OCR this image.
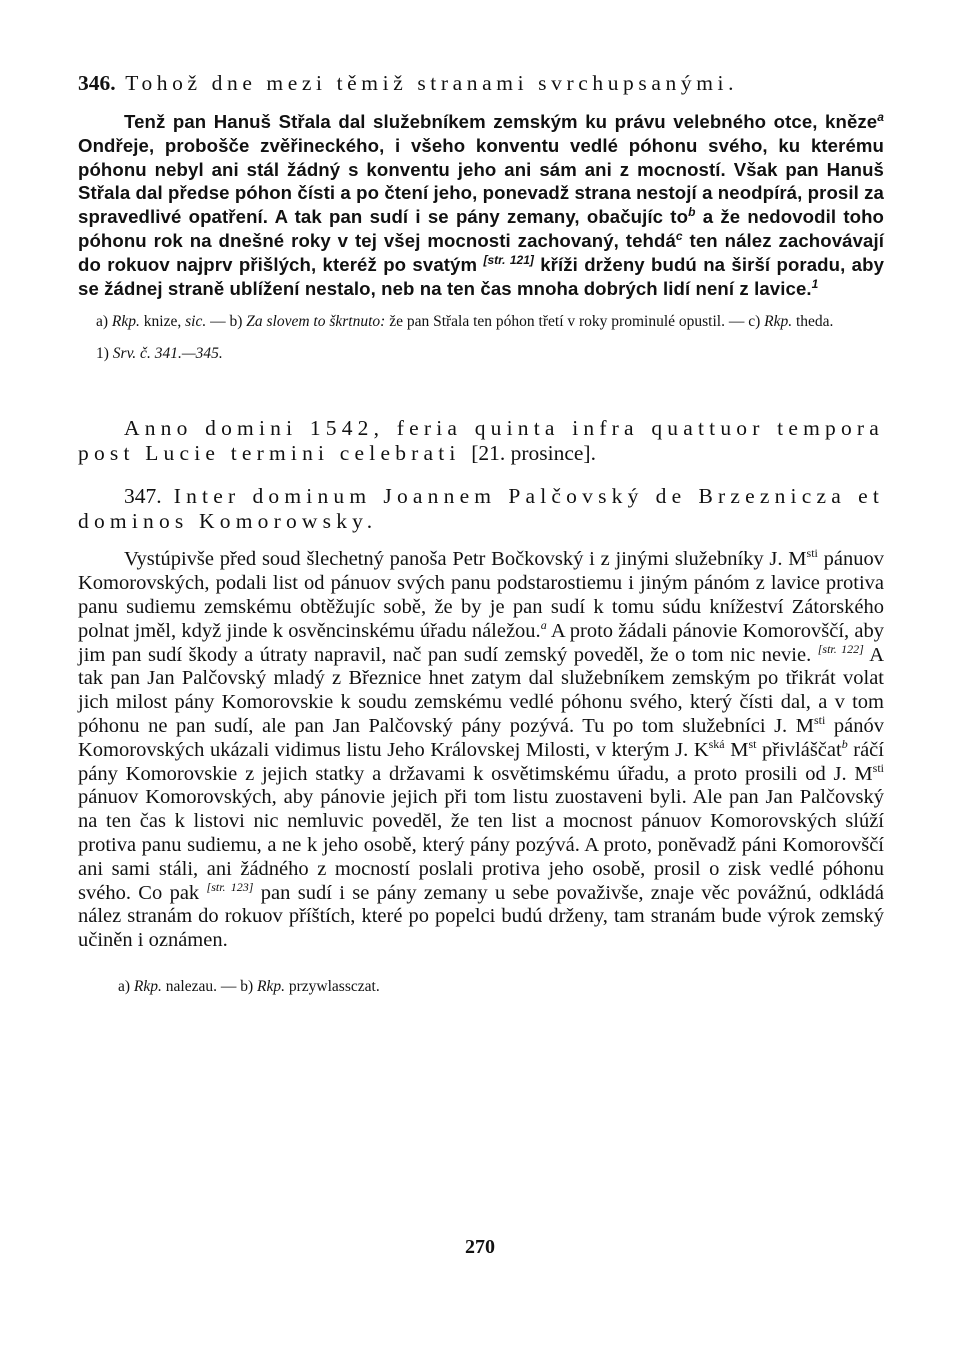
346. Tohož dne mezi těmiž stranami svrchupsanými.

Tenž pan Hanuš Střala dal služebníkem zemským ku právu velebného otce, kněze$^a$ Ondřeje, probošče zvěřineckého, i všeho konventu vedlé póhonu svého, ku kterému póhonu nebyl ani stál žádný s konventu jeho ani sám ani z mocností. Však pan Hanuš Střala dal předse póhon čísti a po čtení jeho, ponevadž strana nestojí a neodpírá, prosil za spravedlivé opatření. A tak pan sudí i se pány zemany, obačujíc $to^b$ a že nedovodil toho póhonu rok na dnešné roky v tej všej mocnosti zachovaný, tehdá$^c$ ten nález zachovávají do rokuov najprv přišlých, kteréž po svatým [str. 121] kříži drženy budú na širší poradu, aby se žádnej straně ublížení nestalo, neb na ten čas mnoha dobrých lidí není z lavice.$^1$

a) Rkp. knize, sic. — b) Za slovem to škrtnuto: že pan Střala ten póhon třetí v roky prominulé opustil. — c) Rkp. theda.

1) Srv. č. 341.—345.

Anno domini 1542, feria quinta infra quattuor tempora post Lucie termini celebrati [21. prosince].

347. Inter dominum Joannem Palčovský de Brzeznicza et dominos Komorowsky.

Vystúpivše před soud šlechetný panoša Petr Bočkovský i z jinými služebníky J. $M^{sti}$ pánuov Komorovských, podali list od pánuov svých panu podstarostiemu i jiným pánóm z lavice protiva panu sudiemu zemskému obtěžujíc sobě, že by je pan sudí k tomu súdu knížeství Zátorského polnat jměl, když jinde k osvěncinskému úřadu náležou.$^a$ A proto žádali pánovie Komorovščí, aby jim pan sudí škody a útraty napravil, nač pan sudí zemský poveděl, že o tom nic nevie. [str. 122] A tak pan Jan Palčovský mladý z Březnice hnet zatym dal služebníkem zemským po třikrát volat jich milost pány Komorovskie k soudu zemskému vedlé póhonu svého, který čísti dal, a v tom póhonu ne pan sudí, ale pan Jan Palčovský pány pozývá. Tu po tom služebníci J. $M^{sti}$ pánóv Komorovských ukázali vidimus listu Jeho Královskej Milosti, v kterým J. $K^{ská}$ Mst přivláščat$^b$ ráčí pány Komorovskie z jejich statky a državami k osvětimskému úřadu, a proto prosili od J. $M^{sti}$ pánuov Komorovských, aby pánovie jejich při tom listu zuostaveni byli. Ale pan Jan Palčovský na ten čas k listovi nic nemluvic povedĕl, že ten list a mocnost pánuov Komorovských slúží protiva panu sudiemu, a ne k jeho osobě, který pány pozývá. A proto, ponĕvadž páni Komorovščí ani sami stáli, ani žádného z mocností poslali protiva jeho osobě, prosil o zisk vedlé póhonu svého. Co pak [str. 123] pan sudí i se pány zemany u sebe považivše, znaje věc povážnú, odkládá nález stranám do rokuov příštích, které po popelci budú drženy, tam stranám bude výrok zemský učiněn i oznámen.

a) Rkp. nalezau. — b) Rkp. przywlassczat.

270
